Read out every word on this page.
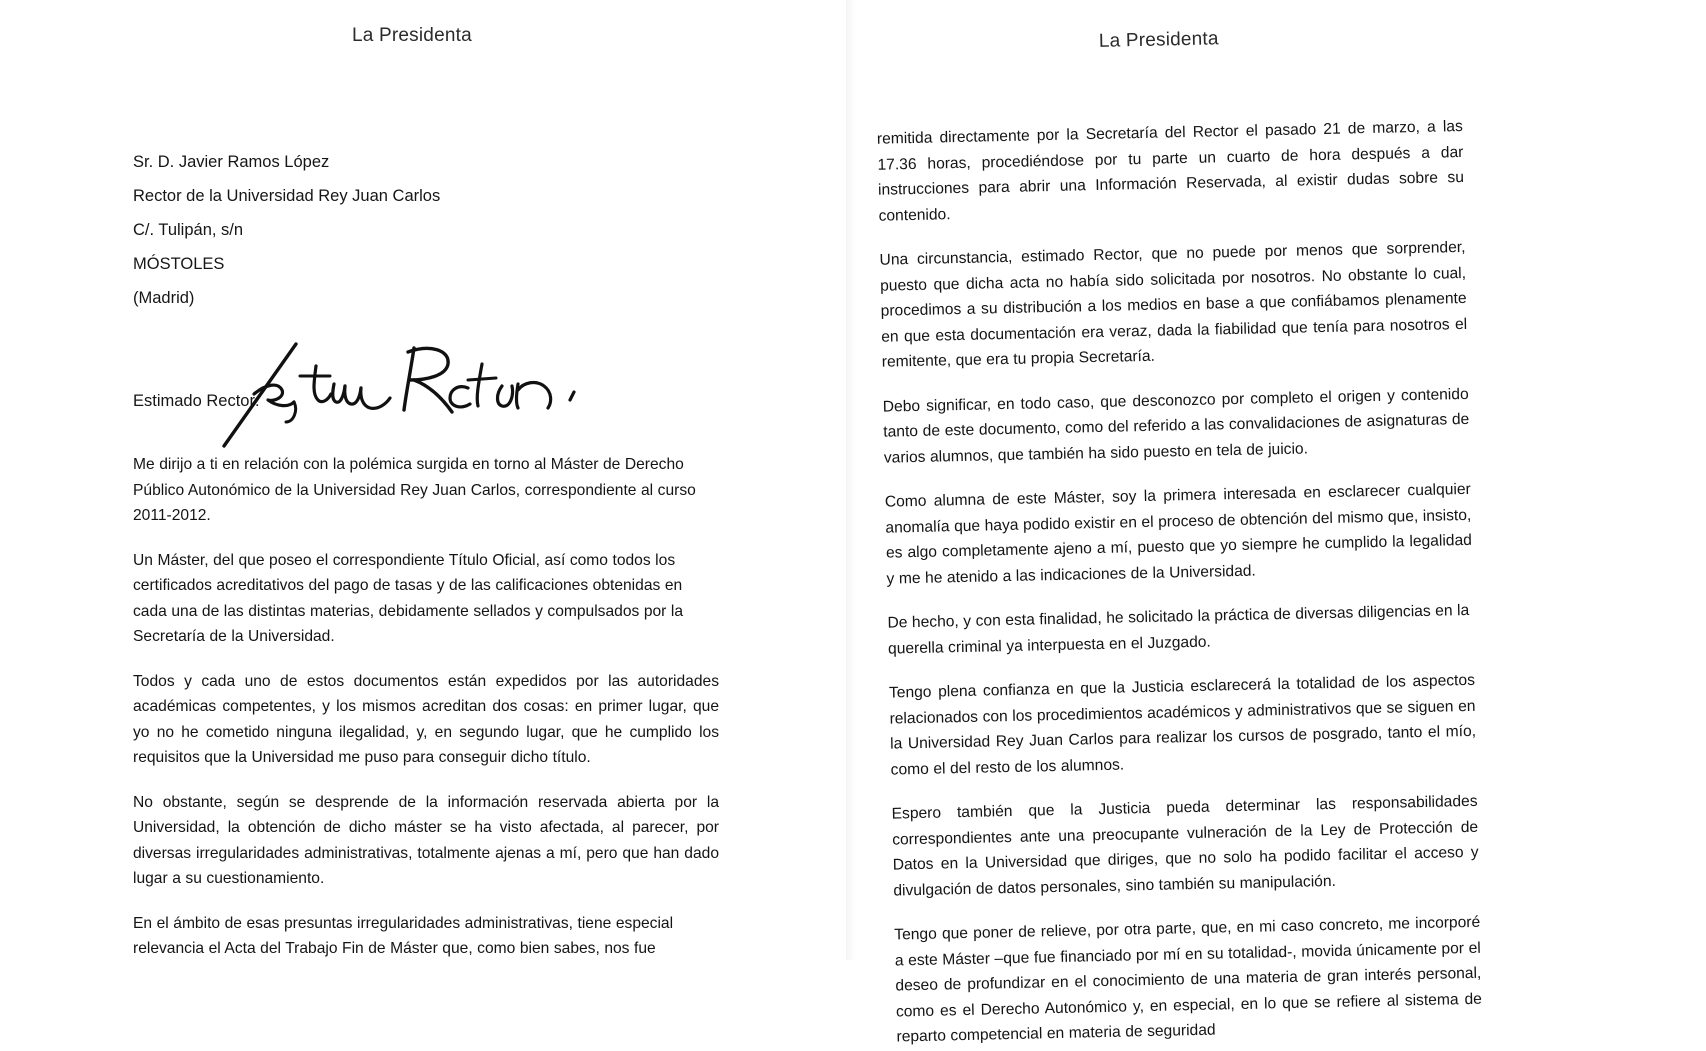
La Presidenta
Sr. D. Javier Ramos López
Rector de la Universidad Rey Juan Carlos
C/. Tulipán, s/n
MÓSTOLES
(Madrid)
Estimado Rector:

Me dirijo a ti en relación con la polémica surgida en torno al Máster de Derecho Público Autonómico de la Universidad Rey Juan Carlos, correspondiente al curso 2011-2012.

Un Máster, del que poseo el correspondiente Título Oficial, así como todos los certificados acreditativos del pago de tasas y de las calificaciones obtenidas en cada una de las distintas materias, debidamente sellados y compulsados por la Secretaría de la Universidad.

Todos y cada uno de estos documentos están expedidos por las autoridades académicas competentes, y los mismos acreditan dos cosas: en primer lugar, que yo no he cometido ninguna ilegalidad, y, en segundo lugar, que he cumplido los requisitos que la Universidad me puso para conseguir dicho título.

No obstante, según se desprende de la información reservada abierta por la Universidad, la obtención de dicho máster se ha visto afectada, al parecer, por diversas irregularidades administrativas, totalmente ajenas a mí, pero que han dado lugar a su cuestionamiento.

En el ámbito de esas presuntas irregularidades administrativas, tiene especial relevancia el Acta del Trabajo Fin de Máster que, como bien sabes, nos fue

La Presidenta

remitida directamente por la Secretaría del Rector el pasado 21 de marzo, a las 17.36 horas, procediéndose por tu parte un cuarto de hora después a dar instrucciones para abrir una Información Reservada, al existir dudas sobre su contenido.

Una circunstancia, estimado Rector, que no puede por menos que sorprender, puesto que dicha acta no había sido solicitada por nosotros. No obstante lo cual, procedimos a su distribución a los medios en base a que confiábamos plenamente en que esta documentación era veraz, dada la fiabilidad que tenía para nosotros el remitente, que era tu propia Secretaría.

Debo significar, en todo caso, que desconozco por completo el origen y contenido tanto de este documento, como del referido a las convalidaciones de asignaturas de varios alumnos, que también ha sido puesto en tela de juicio.

Como alumna de este Máster, soy la primera interesada en esclarecer cualquier anomalía que haya podido existir en el proceso de obtención del mismo que, insisto, es algo completamente ajeno a mí, puesto que yo siempre he cumplido la legalidad y me he atenido a las indicaciones de la Universidad.

De hecho, y con esta finalidad, he solicitado la práctica de diversas diligencias en la querella criminal ya interpuesta en el Juzgado.

Tengo plena confianza en que la Justicia esclarecerá la totalidad de los aspectos relacionados con los procedimientos académicos y administrativos que se siguen en la Universidad Rey Juan Carlos para realizar los cursos de posgrado, tanto el mío, como el del resto de los alumnos.

Espero también que la Justicia pueda determinar las responsabilidades correspondientes ante una preocupante vulneración de la Ley de Protección de Datos en la Universidad que diriges, que no solo ha podido facilitar el acceso y divulgación de datos personales, sino también su manipulación.

Tengo que poner de relieve, por otra parte, que, en mi caso concreto, me incorporé a este Máster –que fue financiado por mí en su totalidad-, movida únicamente por el deseo de profundizar en el conocimiento de una materia de gran interés personal, como es el Derecho Autonómico y, en especial, en lo que se refiere al sistema de reparto competencial en materia de seguridad
